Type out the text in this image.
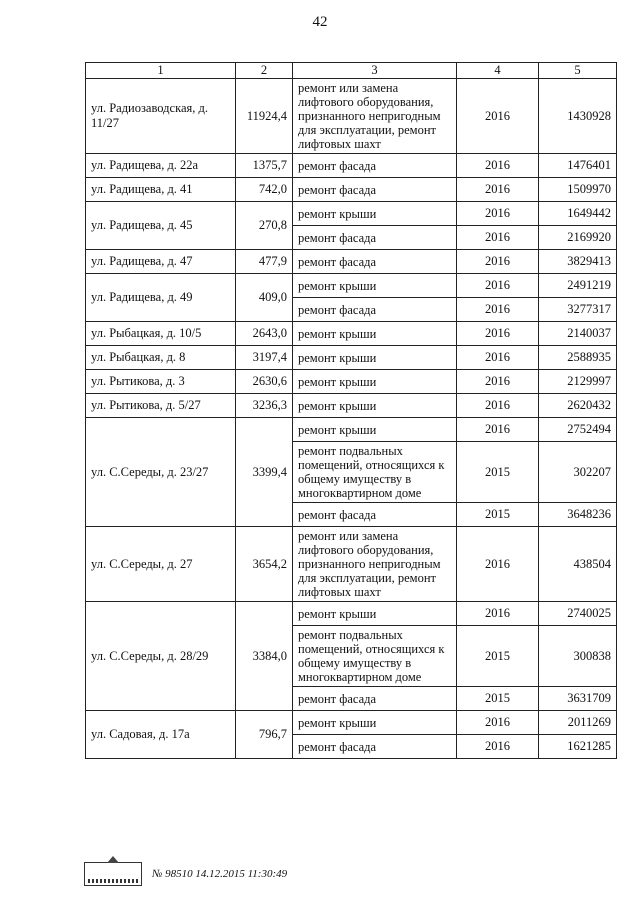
42
1	2	3	4	5
ул. Радиозаводская, д. 11/27	11924,4	ремонт или замена лифтового оборудования, признанного непригодным для эксплуатации, ремонт лифтовых шахт	2016	1430928
ул. Радищева, д. 22а	1375,7	ремонт фасада	2016	1476401
ул. Радищева, д. 41	742,0	ремонт фасада	2016	1509970
ул. Радищева, д. 45	270,8	ремонт крыши	2016	1649442
		ремонт фасада	2016	2169920
ул. Радищева, д. 47	477,9	ремонт фасада	2016	3829413
ул. Радищева, д. 49	409,0	ремонт крыши	2016	2491219
		ремонт фасада	2016	3277317
ул. Рыбацкая, д. 10/5	2643,0	ремонт крыши	2016	2140037
ул. Рыбацкая, д. 8	3197,4	ремонт крыши	2016	2588935
ул. Рытикова, д. 3	2630,6	ремонт крыши	2016	2129997
ул. Рытикова, д. 5/27	3236,3	ремонт крыши	2016	2620432
ул. С.Середы, д. 23/27	3399,4	ремонт крыши	2016	2752494
		ремонт подвальных помещений, относящихся к общему имуществу в многоквартирном доме	2015	302207
		ремонт фасада	2015	3648236
ул. С.Середы, д. 27	3654,2	ремонт или замена лифтового оборудования, признанного непригодным для эксплуатации, ремонт лифтовых шахт	2016	438504
ул. С.Середы, д. 28/29	3384,0	ремонт крыши	2016	2740025
		ремонт подвальных помещений, относящихся к общему имуществу в многоквартирном доме	2015	300838
		ремонт фасада	2015	3631709
ул. Садовая, д. 17а	796,7	ремонт крыши	2016	2011269
		ремонт фасада	2016	1621285
№ 98510 14.12.2015 11:30:49
